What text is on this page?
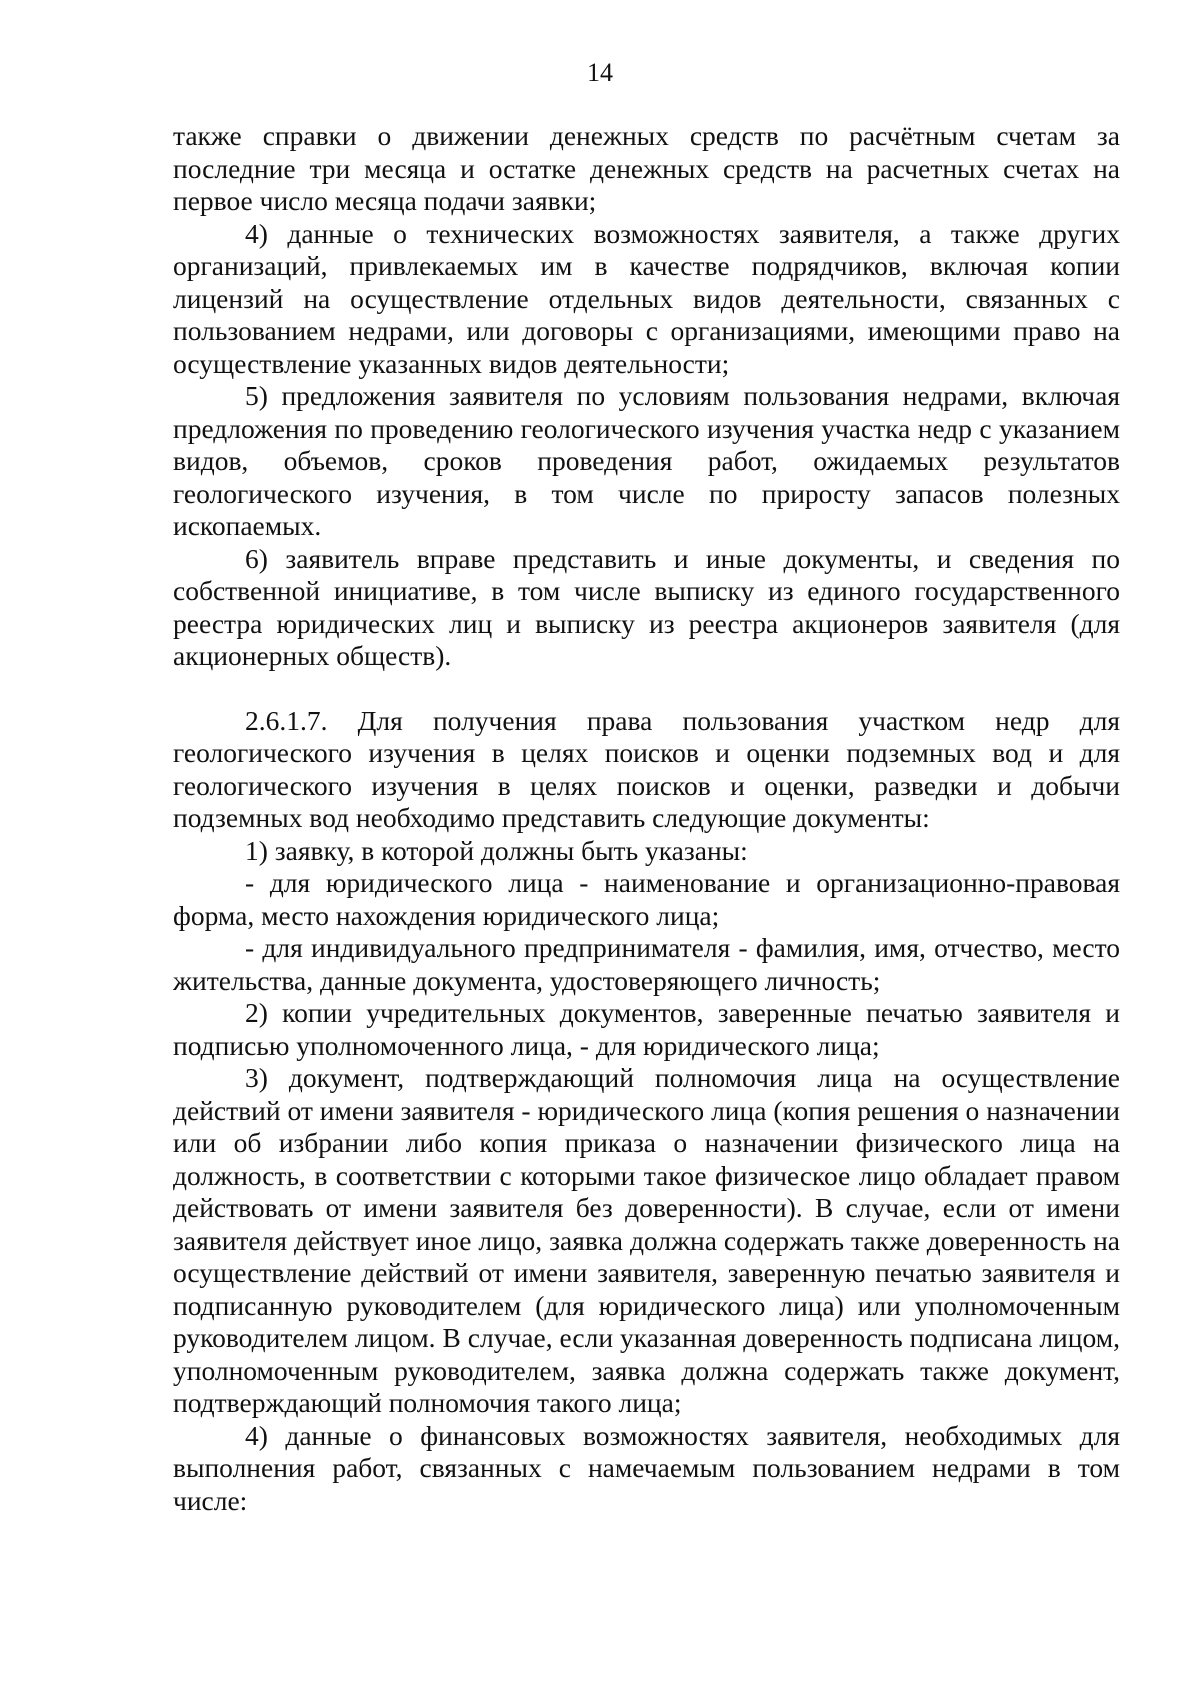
14

также справки о движении денежных средств по расчётным счетам за последние три месяца и остатке денежных средств на расчетных счетах на первое число месяца подачи заявки;

4) данные о технических возможностях заявителя, а также других организаций, привлекаемых им в качестве подрядчиков, включая копии лицензий на осуществление отдельных видов деятельности, связанных с пользованием недрами, или договоры с организациями, имеющими право на осуществление указанных видов деятельности;

5) предложения заявителя по условиям пользования недрами, включая предложения по проведению геологического изучения участка недр с указанием видов, объемов, сроков проведения работ, ожидаемых результатов геологического изучения, в том числе по приросту запасов полезных ископаемых.

6) заявитель вправе представить и иные документы, и сведения по собственной инициативе, в том числе выписку из единого государственного реестра юридических лиц и выписку из реестра акционеров заявителя (для акционерных обществ).

2.6.1.7. Для получения права пользования участком недр для геологического изучения в целях поисков и оценки подземных вод и для геологического изучения в целях поисков и оценки, разведки и добычи подземных вод необходимо представить следующие документы:

1) заявку, в которой должны быть указаны:

- для юридического лица - наименование и организационно-правовая форма, место нахождения юридического лица;

- для индивидуального предпринимателя - фамилия, имя, отчество, место жительства, данные документа, удостоверяющего личность;

2) копии учредительных документов, заверенные печатью заявителя и подписью уполномоченного лица, - для юридического лица;

3) документ, подтверждающий полномочия лица на осуществление действий от имени заявителя - юридического лица (копия решения о назначении или об избрании либо копия приказа о назначении физического лица на должность, в соответствии с которыми такое физическое лицо обладает правом действовать от имени заявителя без доверенности). В случае, если от имени заявителя действует иное лицо, заявка должна содержать также доверенность на осуществление действий от имени заявителя, заверенную печатью заявителя и подписанную руководителем (для юридического лица) или уполномоченным руководителем лицом. В случае, если указанная доверенность подписана лицом, уполномоченным руководителем, заявка должна содержать также документ, подтверждающий полномочия такого лица;

4) данные о финансовых возможностях заявителя, необходимых для выполнения работ, связанных с намечаемым пользованием недрами в том числе:
